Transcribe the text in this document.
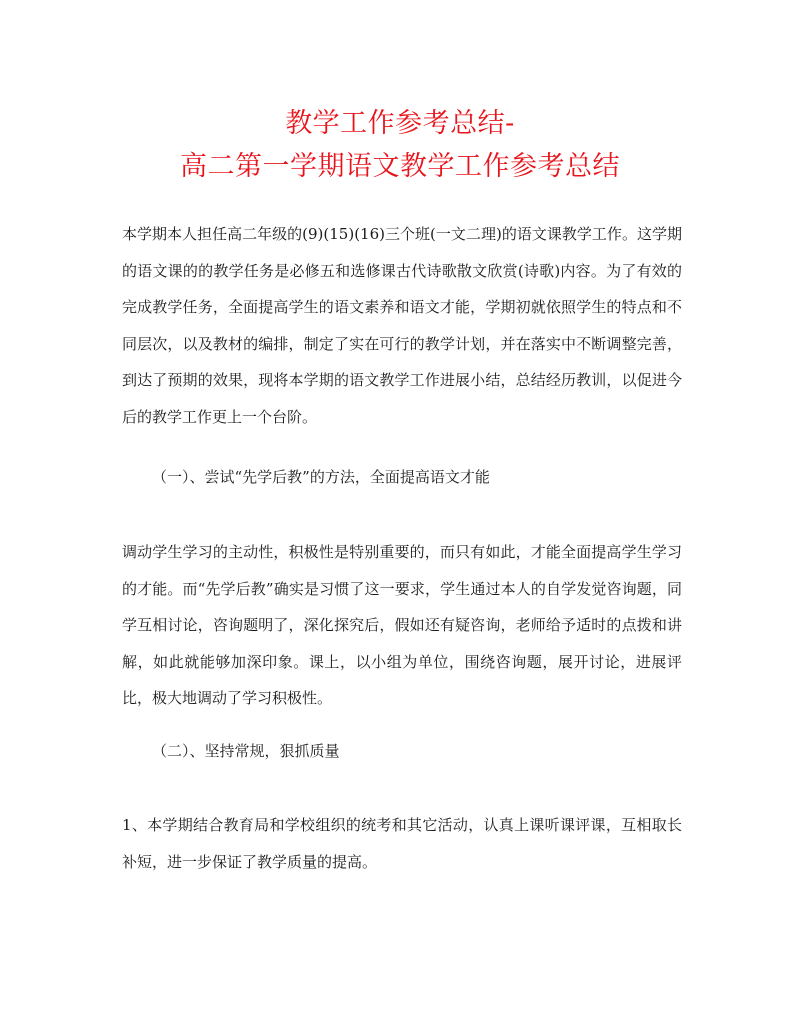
教学工作参考总结-
高二第一学期语文教学工作参考总结
本学期本人担任高二年级的(9)(15)(16)三个班(一文二理)的语文课教学工作。这学期的语文课的的教学任务是必修五和选修课古代诗歌散文欣赏(诗歌)内容。为了有效的完成教学任务，全面提高学生的语文素养和语文才能，学期初就依照学生的特点和不同层次，以及教材的编排，制定了实在可行的教学计划，并在落实中不断调整完善，到达了预期的效果，现将本学期的语文教学工作进展小结，总结经历教训，以促进今后的教学工作更上一个台阶。
（一）、尝试“先学后教”的方法，全面提高语文才能
调动学生学习的主动性，积极性是特别重要的，而只有如此，才能全面提高学生学习的才能。而“先学后教”确实是习惯了这一要求，学生通过本人的自学发觉咨询题，同学互相讨论，咨询题明了，深化探究后，假如还有疑咨询，老师给予适时的点拨和讲解，如此就能够加深印象。课上，以小组为单位，围绕咨询题，展开讨论，进展评比，极大地调动了学习积极性。
（二）、坚持常规，狠抓质量
1、本学期结合教育局和学校组织的统考和其它活动，认真上课听课评课，互相取长补短，进一步保证了教学质量的提高。
